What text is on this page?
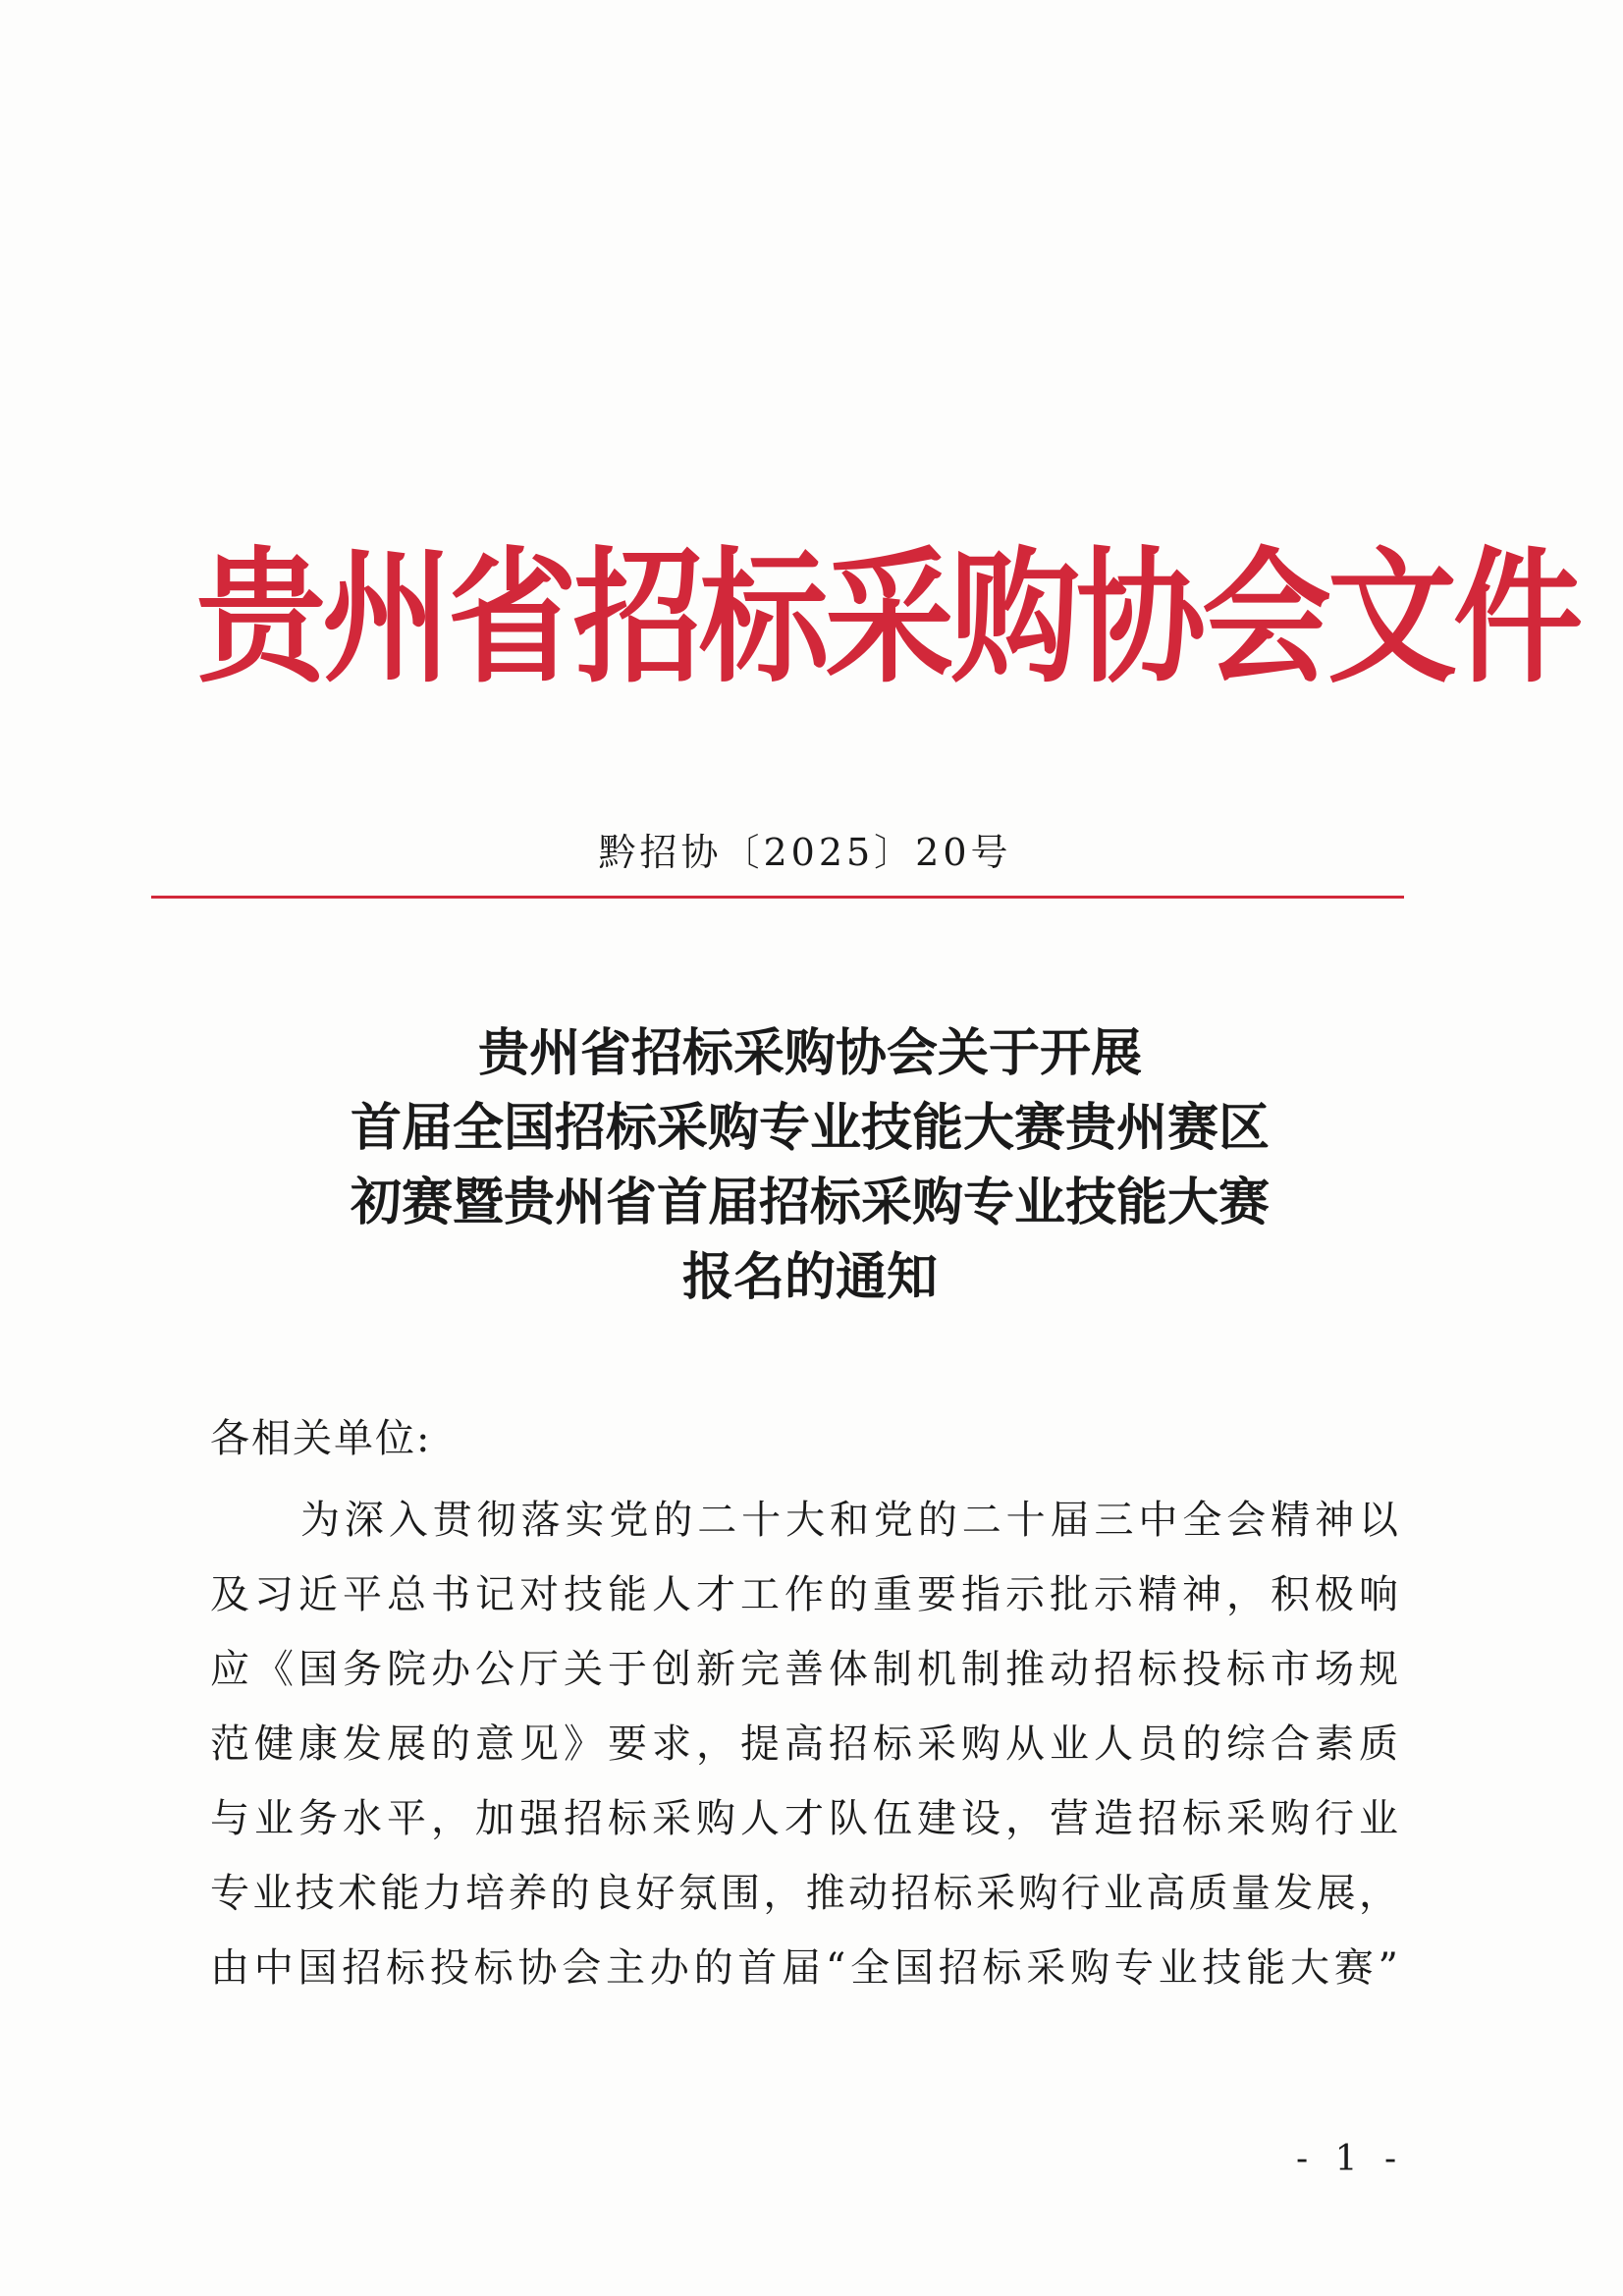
贵州省招标采购协会文件
黔招协〔2025〕20号
贵州省招标采购协会关于开展
首届全国招标采购专业技能大赛贵州赛区
初赛暨贵州省首届招标采购专业技能大赛
报名的通知
各相关单位:
为深入贯彻落实党的二十大和党的二十届三中全会精神以
及习近平总书记对技能人才工作的重要指示批示精神，积极响
应《国务院办公厅关于创新完善体制机制推动招标投标市场规
范健康发展的意见》要求，提高招标采购从业人员的综合素质
与业务水平，加强招标采购人才队伍建设，营造招标采购行业
专业技术能力培养的良好氛围，推动招标采购行业高质量发展，
由中国招标投标协会主办的首届“全国招标采购专业技能大赛”
- 1 -
